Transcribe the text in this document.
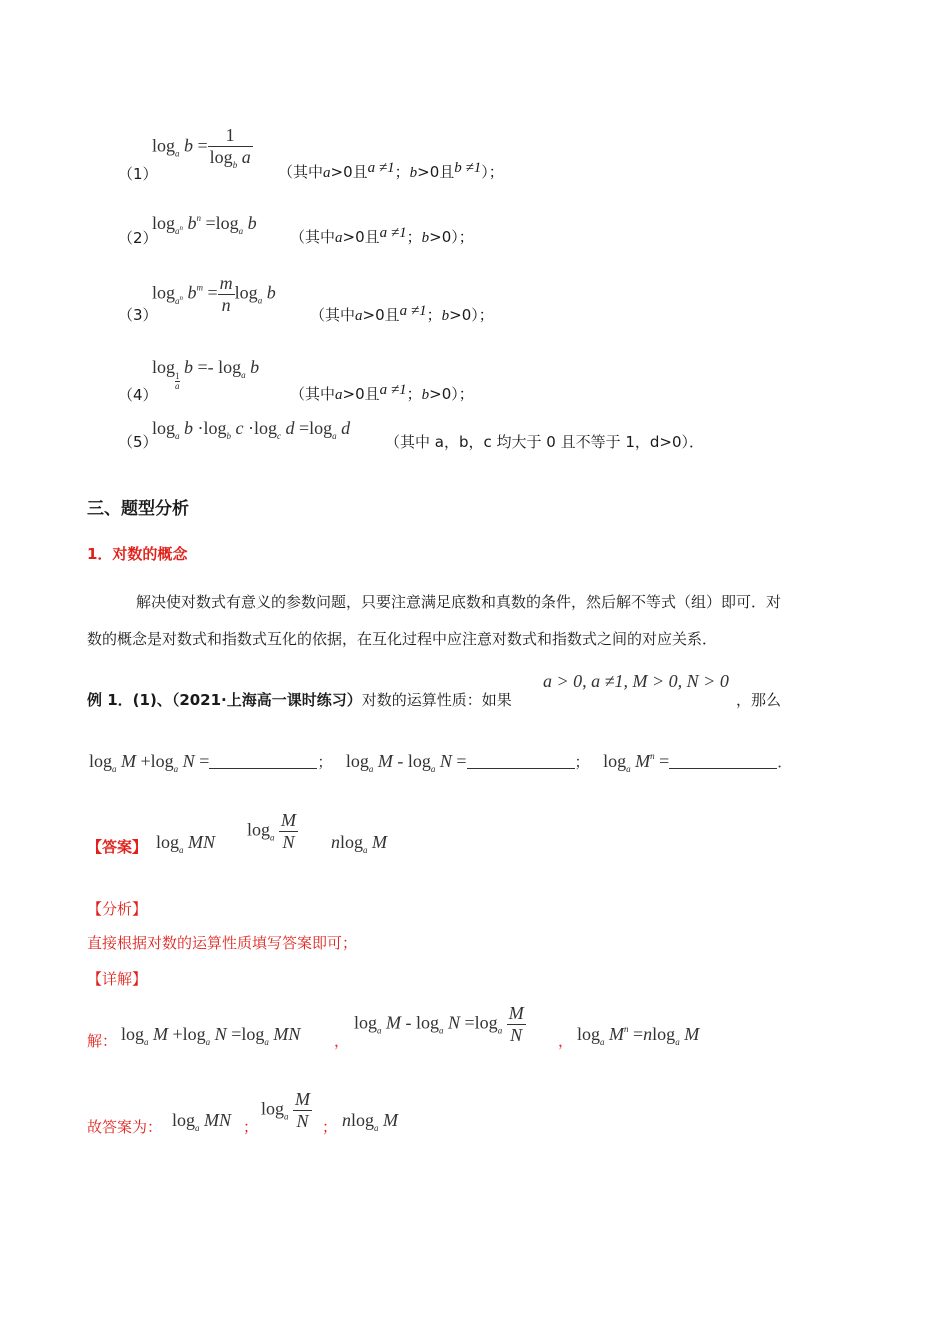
（1）
$\log_a b = \frac{1}{\log_b a}$
（其中a>0且a ≠1；b>0且b ≠1）；
（2）
$\log_{a^n} b^n =\log_a$ b
（其中a>0且a ≠1；b>0）；
（3）
$\log_{a^n} b^m = \frac{m}{n} \log_a b$
（其中a>0且a ≠1；b>0）；
（4）
log
$\frac{1}{a}$
$b =- \log_a b$
（其中a>0且a ≠1；b>0）；
（5）
$\log_a b \cdot\log_b$ $c \cdot\log_c$ $d =\log_a$ d
（其中 a，b，c 均大于 0 且不等于 1，d>0）．
三、题型分析
1．对数的概念
解决使对数式有意义的参数问题，只要注意满足底数和真数的条件，然后解不等式（组）即可．对
数的概念是对数式和指数式互化的依据，在互化过程中应注意对数式和指数式之间的对应关系．
例 1．(1)、（2021·上海高一课时练习）对数的运算性质：如果
a > 0, a ≠1, M > 0, N > 0
，那么
$\log_a M +\log_a$ N =	；   $\log_a M - \log_a N$ =	；   $\log_a M^n$ =	．
【答案】 $\log_a$ MN
$\log_a \frac{M}{N} nlog_a$ M
【分析】
直接根据对数的运算性质填写答案即可；
【详解】
解： $\log_a M +\log_a$ $N =\log_a$ MN ，
$\log_a M - \log_a N =\log_a \frac{M}{N}$ ， $\log_a M^n =nlog_a$ M
故答案为： $\log_a$ MN ；
$\log_a \frac{M}{N}$ ； nlog$_a$ M
